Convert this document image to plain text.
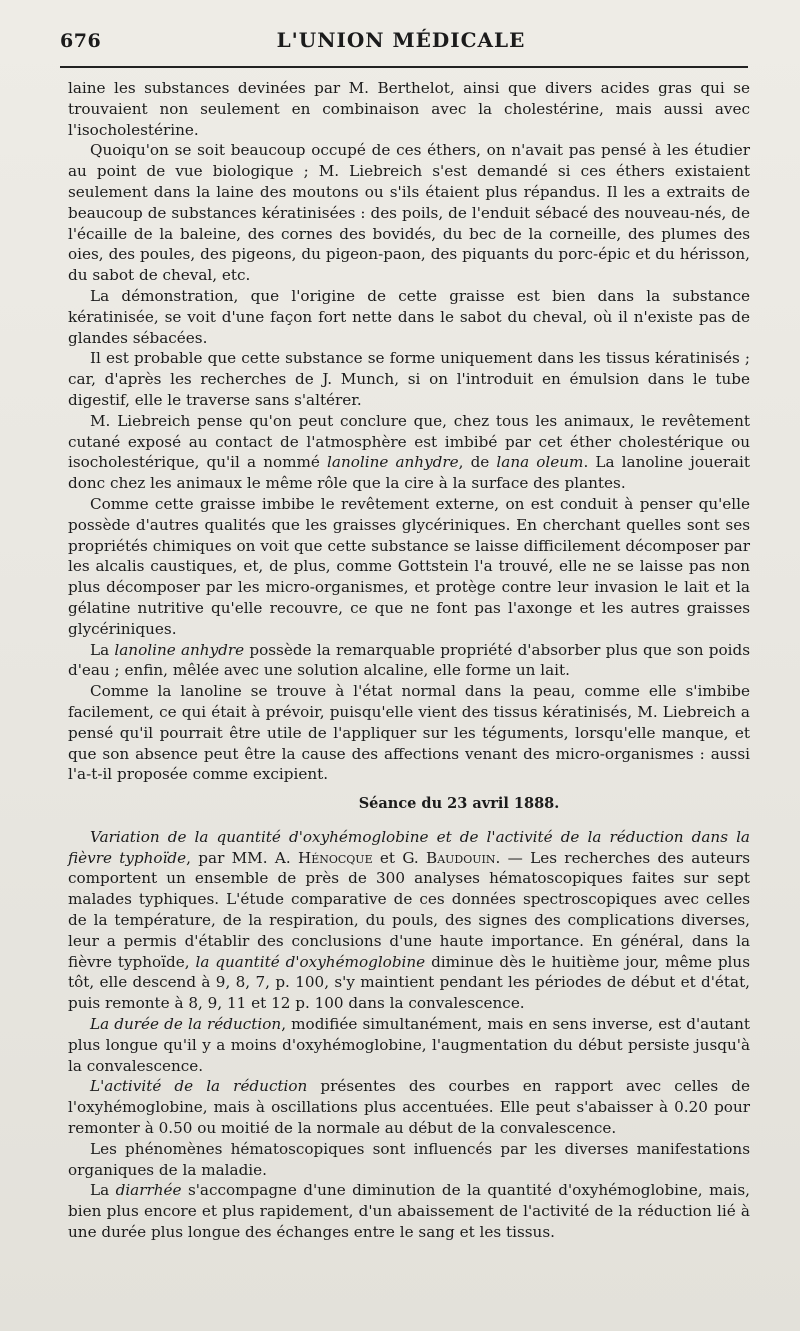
676	L'UNION MÉDICALE

laine les substances devinées par M. Berthelot, ainsi que divers acides gras qui se trouvaient non seulement en combinaison avec la cholestérine, mais aussi avec l'isocholestérine.

Quoiqu'on se soit beaucoup occupé de ces éthers, on n'avait pas pensé à les étudier au point de vue biologique ; M. Liebreich s'est demandé si ces éthers existaient seulement dans la laine des moutons ou s'ils étaient plus répandus. Il les a extraits de beaucoup de substances kératinisées : des poils, de l'enduit sébacé des nouveau-nés, de l'écaille de la baleine, des cornes des bovidés, du bec de la corneille, des plumes des oies, des poules, des pigeons, du pigeon-paon, des piquants du porc-épic et du hérisson, du sabot de cheval, etc.

La démonstration, que l'origine de cette graisse est bien dans la substance kératinisée, se voit d'une façon fort nette dans le sabot du cheval, où il n'existe pas de glandes sébacées.

Il est probable que cette substance se forme uniquement dans les tissus kératinisés ; car, d'après les recherches de J. Munch, si on l'introduit en émulsion dans le tube digestif, elle le traverse sans s'altérer.

M. Liebreich pense qu'on peut conclure que, chez tous les animaux, le revêtement cutané exposé au contact de l'atmosphère est imbibé par cet éther cholestérique ou isocholestérique, qu'il a nommé lanoline anhydre, de lana oleum. La lanoline jouerait donc chez les animaux le même rôle que la cire à la surface des plantes.

Comme cette graisse imbibe le revêtement externe, on est conduit à penser qu'elle possède d'autres qualités que les graisses glycériniques. En cherchant quelles sont ses propriétés chimiques on voit que cette substance se laisse difficilement décomposer par les alcalis caustiques, et, de plus, comme Gottstein l'a trouvé, elle ne se laisse pas non plus décomposer par les micro-organismes, et protège contre leur invasion le lait et la gélatine nutritive qu'elle recouvre, ce que ne font pas l'axonge et les autres graisses glycériniques.

La lanoline anhydre possède la remarquable propriété d'absorber plus que son poids d'eau ; enfin, mêlée avec une solution alcaline, elle forme un lait.

Comme la lanoline se trouve à l'état normal dans la peau, comme elle s'imbibe facilement, ce qui était à prévoir, puisqu'elle vient des tissus kératinisés, M. Liebreich a pensé qu'il pourrait être utile de l'appliquer sur les téguments, lorsqu'elle manque, et que son absence peut être la cause des affections venant des micro-organismes : aussi l'a-t-il proposée comme excipient.

Séance du 23 avril 1888.

Variation de la quantité d'oxyhémoglobine et de l'activité de la réduction dans la fièvre typhoïde, par MM. A. Hénocque et G. Baudouin. — Les recherches des auteurs comportent un ensemble de près de 300 analyses hématoscopiques faites sur sept malades typhiques. L'étude comparative de ces données spectroscopiques avec celles de la température, de la respiration, du pouls, des signes des complications diverses, leur a permis d'établir des conclusions d'une haute importance. En général, dans la fièvre typhoïde, la quantité d'oxyhémoglobine diminue dès le huitième jour, même plus tôt, elle descend à 9, 8, 7, p. 100, s'y maintient pendant les périodes de début et d'état, puis remonte à 8, 9, 11 et 12 p. 100 dans la convalescence.

La durée de la réduction, modifiée simultanément, mais en sens inverse, est d'autant plus longue qu'il y a moins d'oxyhémoglobine, l'augmentation du début persiste jusqu'à la convalescence.

L'activité de la réduction présentes des courbes en rapport avec celles de l'oxyhémoglobine, mais à oscillations plus accentuées. Elle peut s'abaisser à 0.20 pour remonter à 0.50 ou moitié de la normale au début de la convalescence.

Les phénomènes hématoscopiques sont influencés par les diverses manifestations organiques de la maladie.

La diarrhée s'accompagne d'une diminution de la quantité d'oxyhémoglobine, mais, bien plus encore et plus rapidement, d'un abaissement de l'activité de la réduction lié à une durée plus longue des échanges entre le sang et les tissus.
